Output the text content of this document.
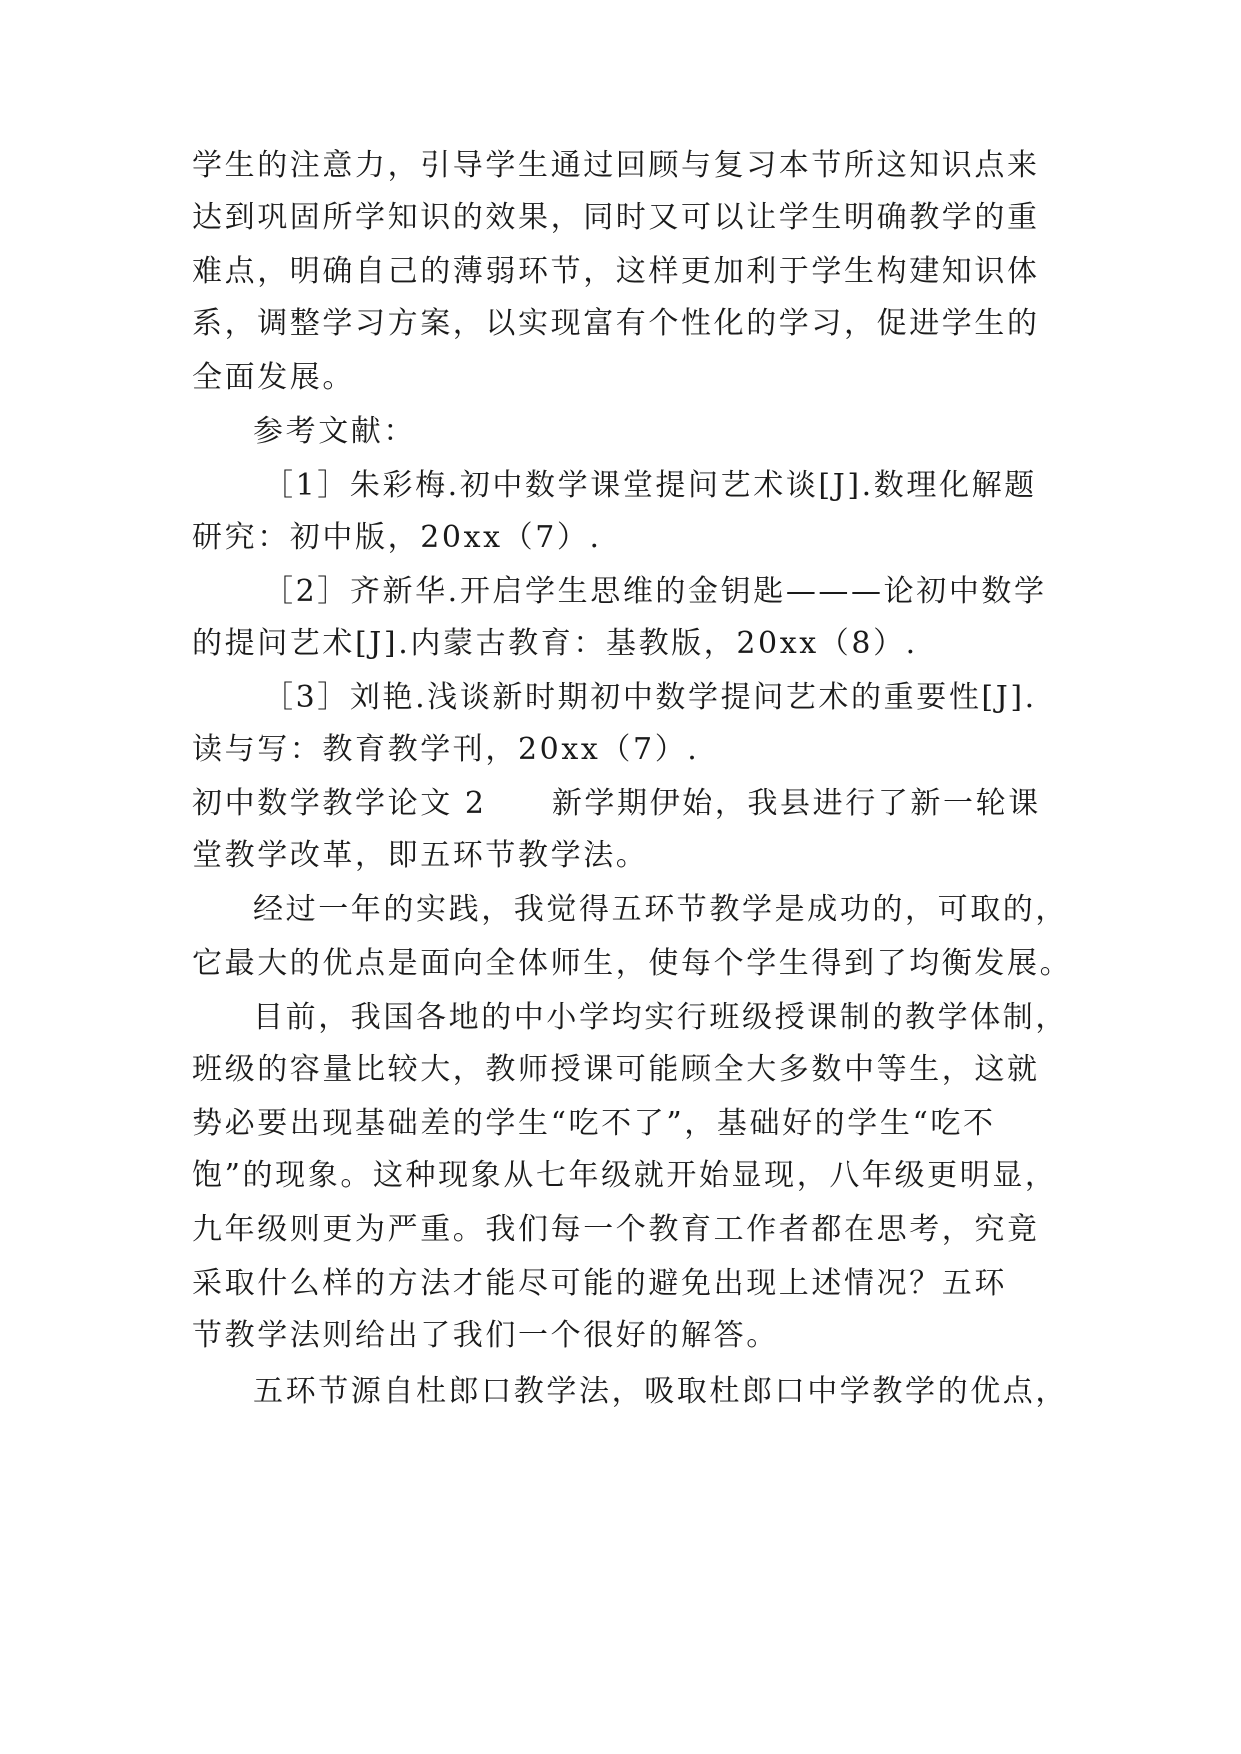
学生的注意力，引导学生通过回顾与复习本节所这知识点来
达到巩固所学知识的效果，同时又可以让学生明确教学的重
难点，明确自己的薄弱环节，这样更加利于学生构建知识体
系，调整学习方案，以实现富有个性化的学习，促进学生的
全面发展。
参考文献：
［1］朱彩梅.初中数学课堂提问艺术谈[J].数理化解题
研究：初中版，20xx（7）.
［2］齐新华.开启学生思维的金钥匙———论初中数学
的提问艺术[J].内蒙古教育：基教版，20xx（8）.
［3］刘艳.浅谈新时期初中数学提问艺术的重要性[J].
读与写：教育教学刊，20xx（7）.
初中数学教学论文 2　　新学期伊始，我县进行了新一轮课
堂教学改革，即五环节教学法。
经过一年的实践，我觉得五环节教学是成功的，可取的，
它最大的优点是面向全体师生，使每个学生得到了均衡发展。
目前，我国各地的中小学均实行班级授课制的教学体制，
班级的容量比较大，教师授课可能顾全大多数中等生，这就
势必要出现基础差的学生“吃不了”，基础好的学生“吃不
饱”的现象。这种现象从七年级就开始显现，八年级更明显，
九年级则更为严重。我们每一个教育工作者都在思考，究竟
采取什么样的方法才能尽可能的避免出现上述情况？五环
节教学法则给出了我们一个很好的解答。
五环节源自杜郎口教学法，吸取杜郎口中学教学的优点，
